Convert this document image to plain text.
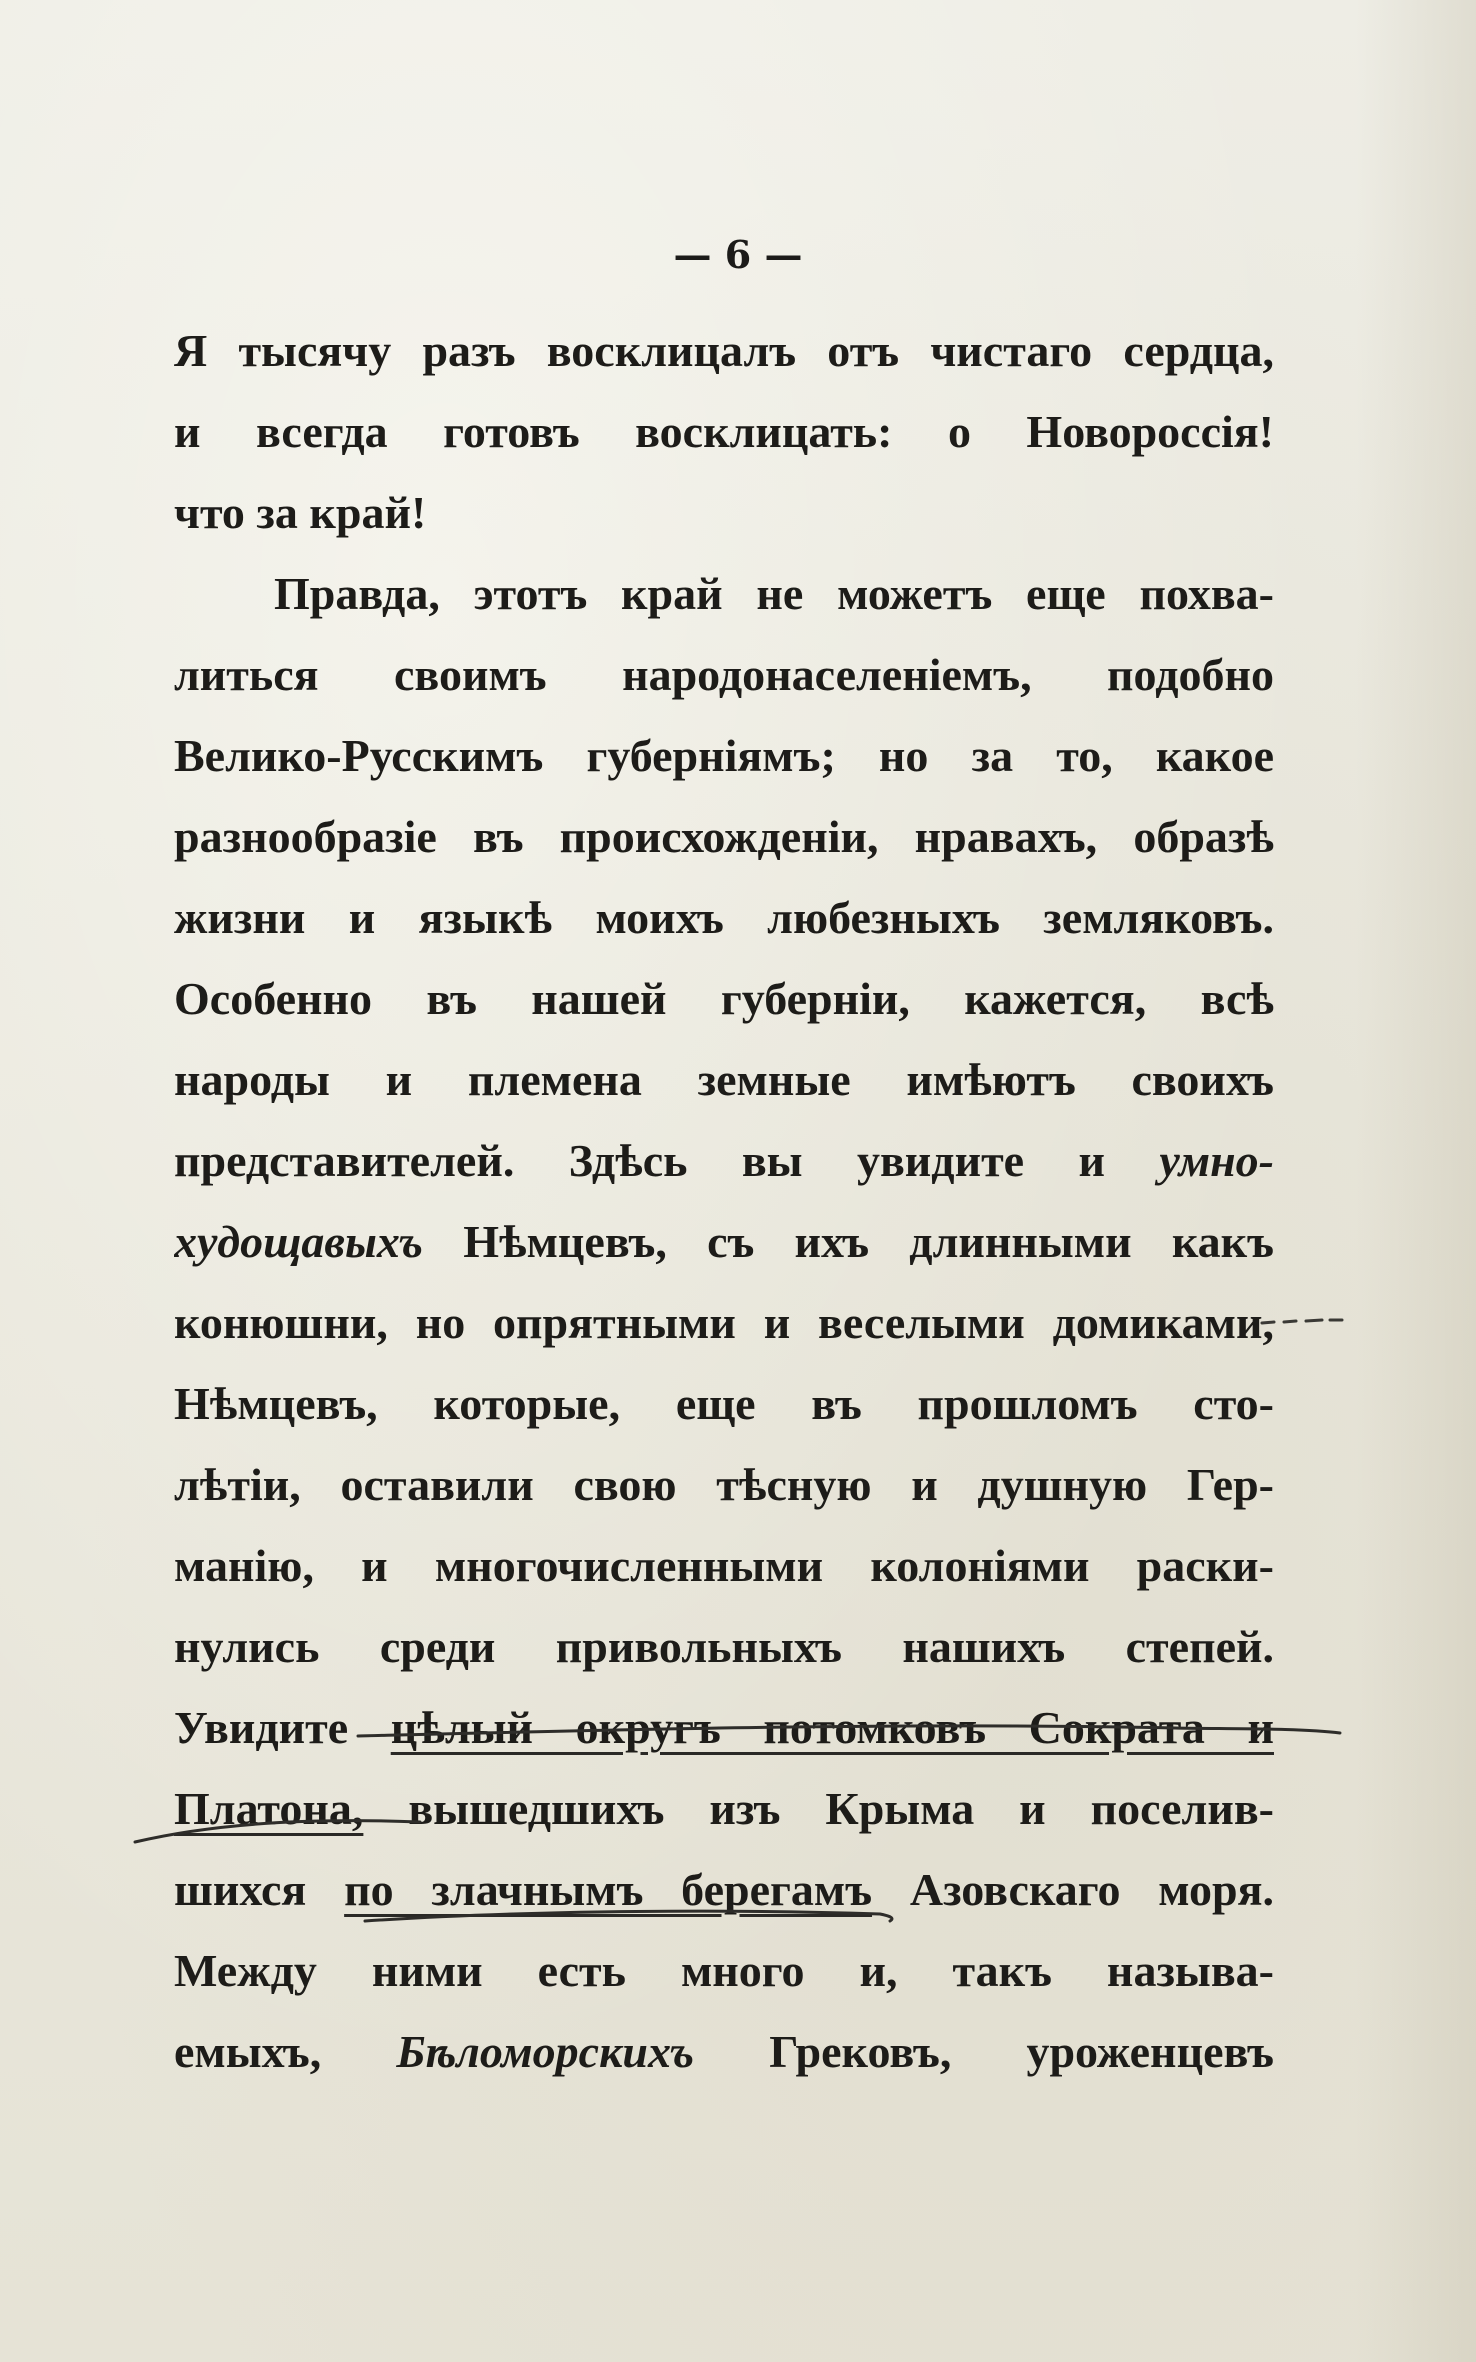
— 6 —
Я тысячу разъ восклицалъ отъ чистаго сердца,
и всегда готовъ восклицать: о Новороссія!
что за край!
Правда, этотъ край не можетъ еще похва-
литься своимъ народонаселеніемъ, подобно
Велико-Русскимъ губерніямъ; но за то, какое
разнообразіе въ происхожденіи, нравахъ, образѣ
жизни и языкѣ моихъ любезныхъ земляковъ.
Особенно въ нашей губерніи, кажется, всѣ
народы и племена земные имѣютъ своихъ
представителей. Здѣсь вы увидите и умно-
худощавыхъ Нѣмцевъ, съ ихъ длинными какъ
конюшни, но опрятными и веселыми домиками,
Нѣмцевъ, которые, еще въ прошломъ сто-
лѣтіи, оставили свою тѣсную и душную Гер-
манію, и многочисленными колоніями раски-
нулись среди привольныхъ нашихъ степей.
Увидите цѣлый округъ потомковъ Сократа и
Платона, вышедшихъ изъ Крыма и поселив-
шихся по злачнымъ берегамъ Азовскаго моря.
Между ними есть много и, такъ называ-
емыхъ, Бѣломорскихъ Грековъ, уроженцевъ
